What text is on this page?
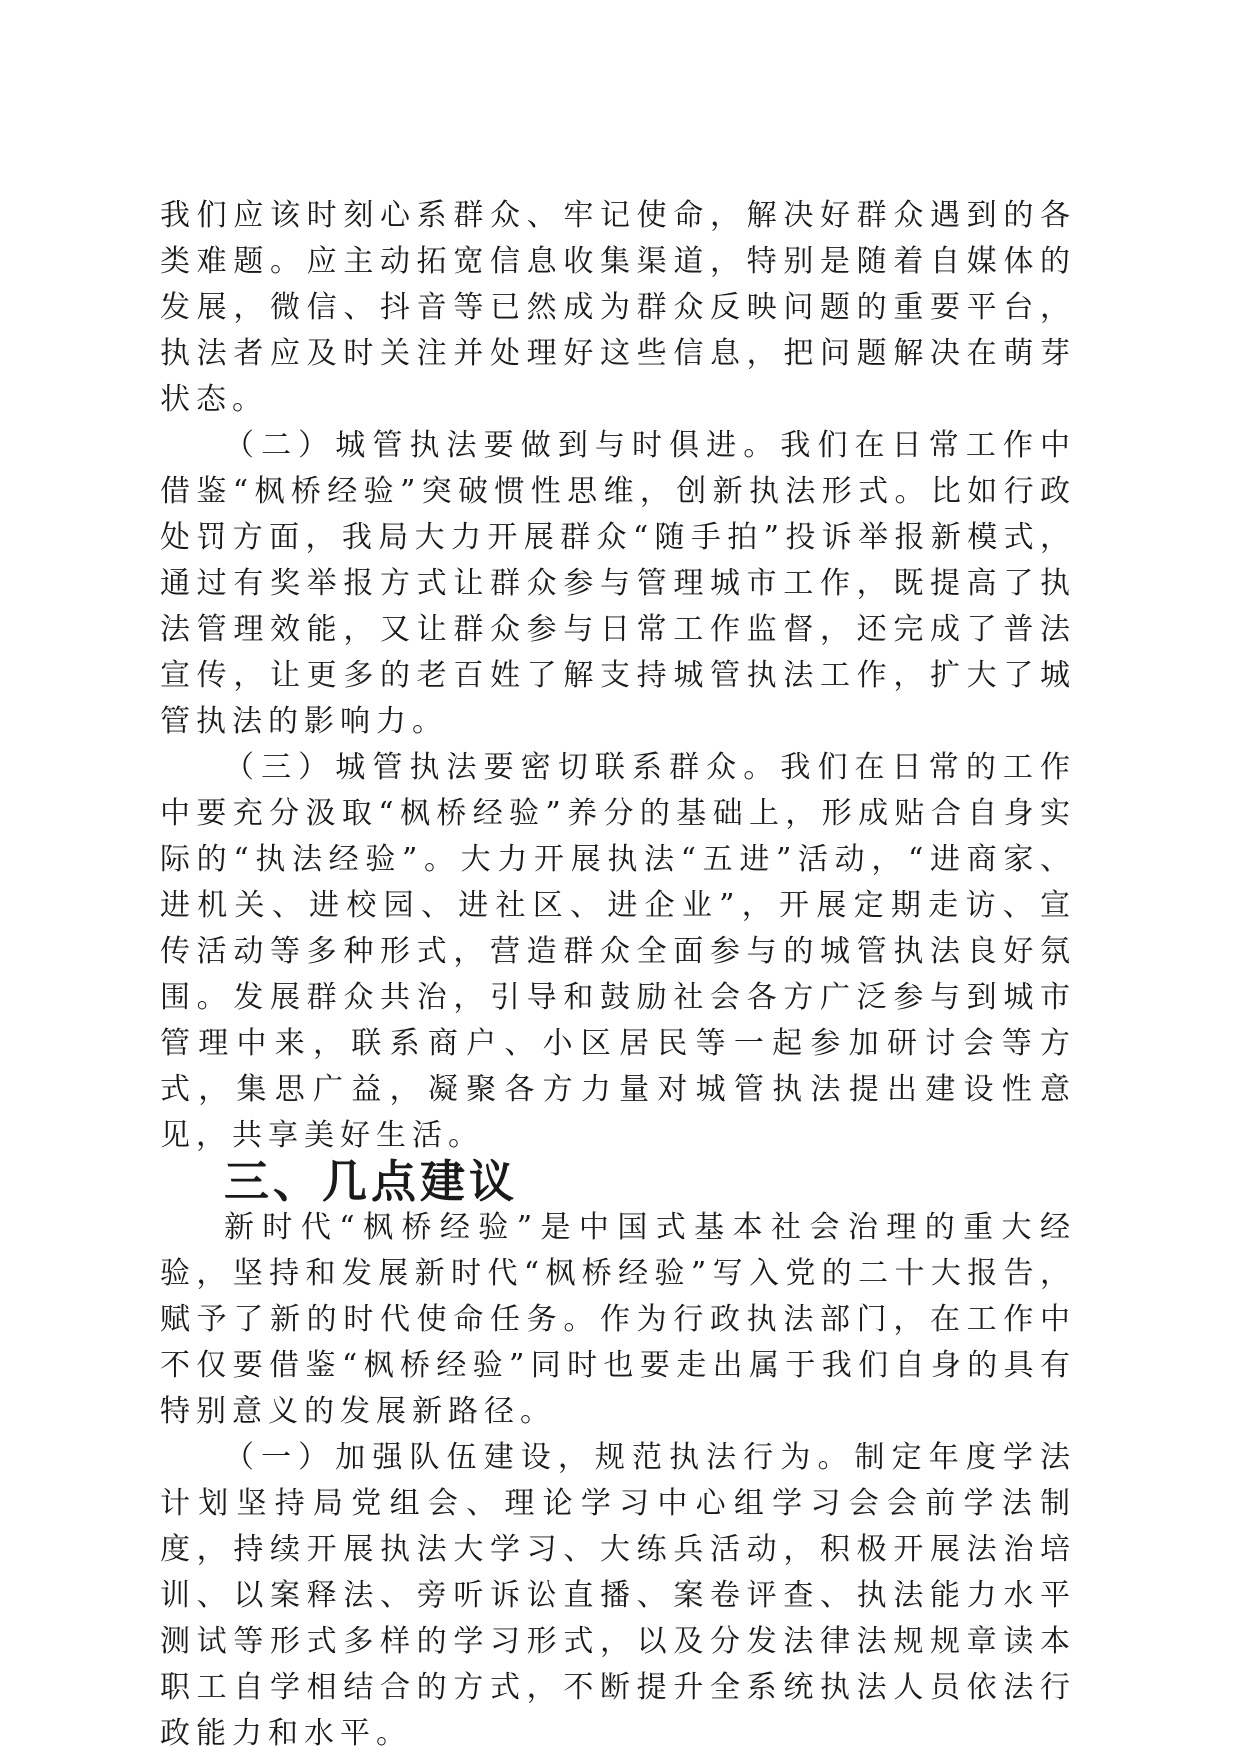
我们应该时刻心系群众、牢记使命，解决好群众遇到的各类难题。应主动拓宽信息收集渠道，特别是随着自媒体的发展，微信、抖音等已然成为群众反映问题的重要平台，执法者应及时关注并处理好这些信息，把问题解决在萌芽状态。

（二）城管执法要做到与时俱进。我们在日常工作中借鉴“枫桥经验”突破惯性思维，创新执法形式。比如行政处罚方面，我局大力开展群众“随手拍”投诉举报新模式，通过有奖举报方式让群众参与管理城市工作，既提高了执法管理效能，又让群众参与日常工作监督，还完成了普法宣传，让更多的老百姓了解支持城管执法工作，扩大了城管执法的影响力。

（三）城管执法要密切联系群众。我们在日常的工作中要充分汲取“枫桥经验”养分的基础上，形成贴合自身实际的“执法经验”。大力开展执法“五进”活动，“进商家、进机关、进校园、进社区、进企业”，开展定期走访、宣传活动等多种形式，营造群众全面参与的城管执法良好氛围。发展群众共治，引导和鼓励社会各方广泛参与到城市管理中来，联系商户、小区居民等一起参加研讨会等方式，集思广益，凝聚各方力量对城管执法提出建设性意见，共享美好生活。

三、几点建议

新时代“枫桥经验”是中国式基本社会治理的重大经验，坚持和发展新时代“枫桥经验”写入党的二十大报告，赋予了新的时代使命任务。作为行政执法部门，在工作中不仅要借鉴“枫桥经验”同时也要走出属于我们自身的具有特别意义的发展新路径。

（一）加强队伍建设，规范执法行为。制定年度学法计划坚持局党组会、理论学习中心组学习会会前学法制度，持续开展执法大学习、大练兵活动，积极开展法治培训、以案释法、旁听诉讼直播、案卷评查、执法能力水平测试等形式多样的学习形式，以及分发法律法规规章读本职工自学相结合的方式，不断提升全系统执法人员依法行政能力和水平。
